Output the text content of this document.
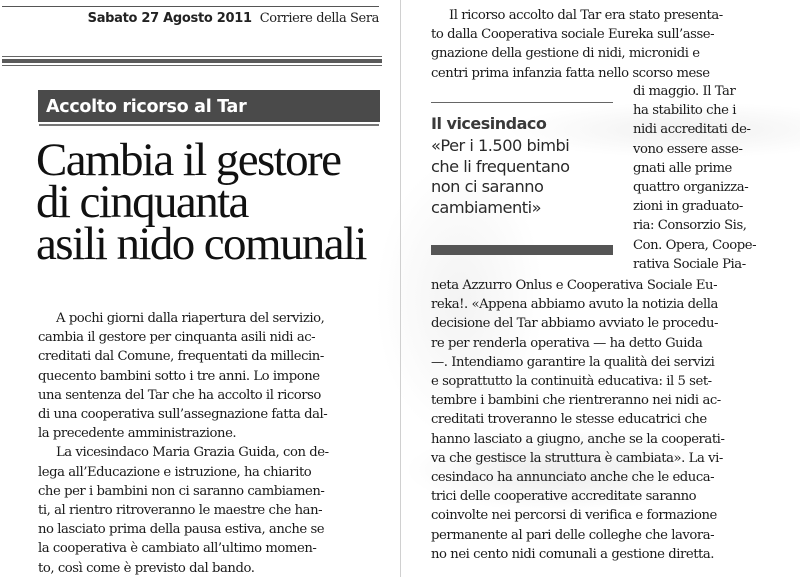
Sabato 27 Agosto 2011 Corriere della Sera
Accolto ricorso al Tar
Cambia il gestore
di cinquanta
asili nido comunali
A pochi giorni dalla riapertura del servizio,
cambia il gestore per cinquanta asili nidi ac-
creditati dal Comune, frequentati da millecin-
quecento bambini sotto i tre anni. Lo impone
una sentenza del Tar che ha accolto il ricorso
di una cooperativa sull’assegnazione fatta dal-
la precedente amministrazione.
La vicesindaco Maria Grazia Guida, con de-
lega all’Educazione e istruzione, ha chiarito
che per i bambini non ci saranno cambiamen-
ti, al rientro ritroveranno le maestre che han-
no lasciato prima della pausa estiva, anche se
la cooperativa è cambiato all’ultimo momen-
to, così come è previsto dal bando.
Il ricorso accolto dal Tar era stato presenta-
to dalla Cooperativa sociale Eureka sull’asse-
gnazione della gestione di nidi, micronidi e
centri prima infanzia fatta nello scorso mese
Il vicesindaco
«Per i 1.500 bimbi
che li frequentano
non ci saranno
cambiamenti»
di maggio. Il Tar
ha stabilito che i
nidi accreditati de-
vono essere asse-
gnati alle prime
quattro organizza-
zioni in graduato-
ria: Consorzio Sis,
Con. Opera, Coope-
rativa Sociale Pia-
neta Azzurro Onlus e Cooperativa Sociale Eu-
reka!. «Appena abbiamo avuto la notizia della
decisione del Tar abbiamo avviato le procedu-
re per renderla operativa — ha detto Guida
—. Intendiamo garantire la qualità dei servizi
e soprattutto la continuità educativa: il 5 set-
tembre i bambini che rientreranno nei nidi ac-
creditati troveranno le stesse educatrici che
hanno lasciato a giugno, anche se la cooperati-
va che gestisce la struttura è cambiata». La vi-
cesindaco ha annunciato anche che le educa-
trici delle cooperative accreditate saranno
coinvolte nei percorsi di verifica e formazione
permanente al pari delle colleghe che lavora-
no nei cento nidi comunali a gestione diretta.
